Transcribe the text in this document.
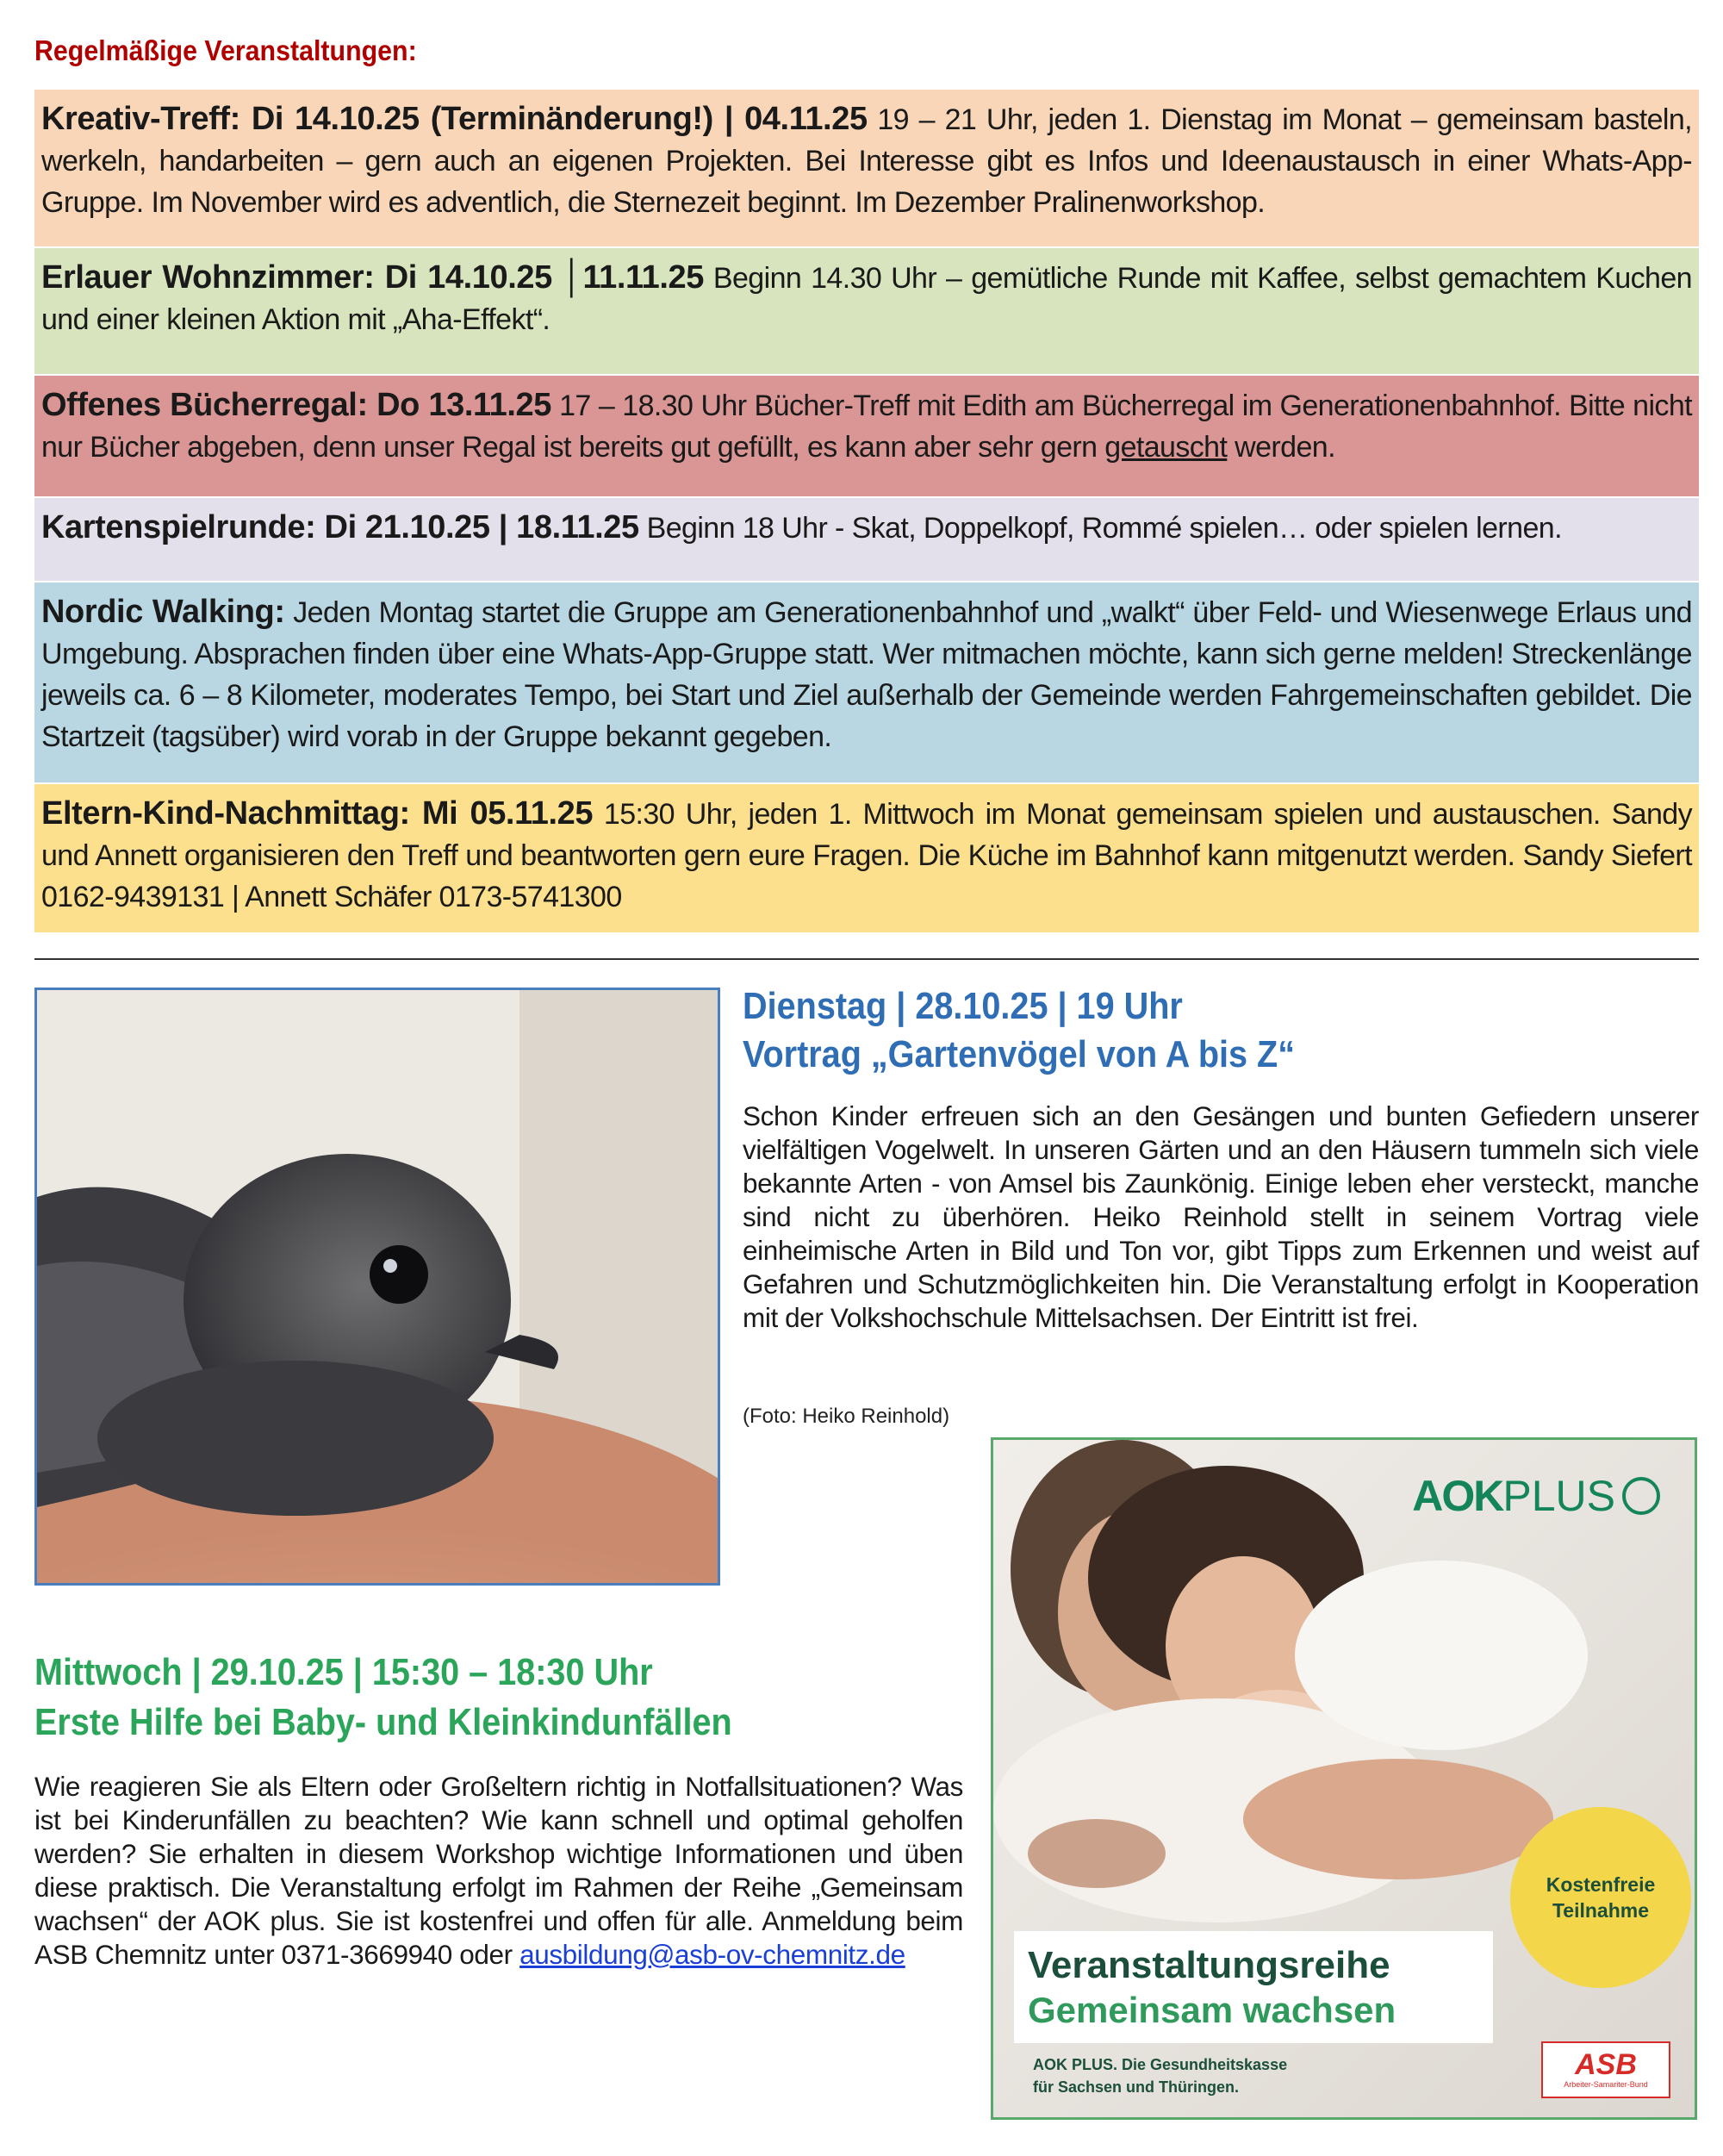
Regelmäßige Veranstaltungen:
Kreativ-Treff: Di 14.10.25 (Terminänderung!) | 04.11.25 19 – 21 Uhr, jeden 1. Dienstag im Monat – gemeinsam basteln, werkeln, handarbeiten – gern auch an eigenen Projekten. Bei Interesse gibt es Infos und Ideenaustausch in einer Whats-App-Gruppe. Im November wird es adventlich, die Sternezeit beginnt. Im Dezember Pralinenworkshop.
Erlauer Wohnzimmer: Di 14.10.25 │11.11.25 Beginn 14.30 Uhr – gemütliche Runde mit Kaffee, selbst gemachtem Kuchen und einer kleinen Aktion mit „Aha-Effekt“.
Offenes Bücherregal: Do 13.11.25 17 – 18.30 Uhr Bücher-Treff mit Edith am Bücherregal im Generationenbahnhof. Bitte nicht nur Bücher abgeben, denn unser Regal ist bereits gut gefüllt, es kann aber sehr gern getauscht werden.
Kartenspielrunde: Di 21.10.25 | 18.11.25 Beginn 18 Uhr - Skat, Doppelkopf, Rommé spielen… oder spielen lernen.
Nordic Walking: Jeden Montag startet die Gruppe am Generationenbahnhof und „walkt“ über Feld- und Wiesenwege Erlaus und Umgebung. Absprachen finden über eine Whats-App-Gruppe statt. Wer mitmachen möchte, kann sich gerne melden! Streckenlänge jeweils ca. 6 – 8 Kilometer, moderates Tempo, bei Start und Ziel außerhalb der Gemeinde werden Fahrgemeinschaften gebildet. Die Startzeit (tagsüber) wird vorab in der Gruppe bekannt gegeben.
Eltern-Kind-Nachmittag: Mi 05.11.25 15:30 Uhr, jeden 1. Mittwoch im Monat gemeinsam spielen und austauschen. Sandy und Annett organisieren den Treff und beantworten gern eure Fragen. Die Küche im Bahnhof kann mitgenutzt werden. Sandy Siefert 0162-9439131 | Annett Schäfer 0173-5741300
Dienstag | 28.10.25 | 19 Uhr
Vortrag „Gartenvögel von A bis Z“
Schon Kinder erfreuen sich an den Gesängen und bunten Gefiedern unserer vielfältigen Vogelwelt. In unseren Gärten und an den Häusern tummeln sich viele bekannte Arten - von Amsel bis Zaunkönig. Einige leben eher versteckt, manche sind nicht zu überhören. Heiko Reinhold stellt in seinem Vortrag viele einheimische Arten in Bild und Ton vor, gibt Tipps zum Erkennen und weist auf Gefahren und Schutzmöglichkeiten hin. Die Veranstaltung erfolgt in Kooperation mit der Volkshochschule Mittelsachsen. Der Eintritt ist frei.
(Foto: Heiko Reinhold)
AOKPLUS
Kostenfreie
Teilnahme
Veranstaltungsreihe
Gemeinsam wachsen
AOK PLUS. Die Gesundheitskasse
für Sachsen und Thüringen.
ASB
Arbeiter-Samariter-Bund
Mittwoch | 29.10.25 | 15:30 – 18:30 Uhr
Erste Hilfe bei Baby- und Kleinkindunfällen
Wie reagieren Sie als Eltern oder Großeltern richtig in Notfallsituationen? Was ist bei Kinderunfällen zu beachten? Wie kann schnell und optimal geholfen werden? Sie erhalten in diesem Workshop wichtige Informationen und üben diese praktisch. Die Veranstaltung erfolgt im Rahmen der Reihe „Gemeinsam wachsen“ der AOK plus. Sie ist kostenfrei und offen für alle. Anmeldung beim ASB Chemnitz unter 0371-3669940 oder ausbildung@asb-ov-chemnitz.de
